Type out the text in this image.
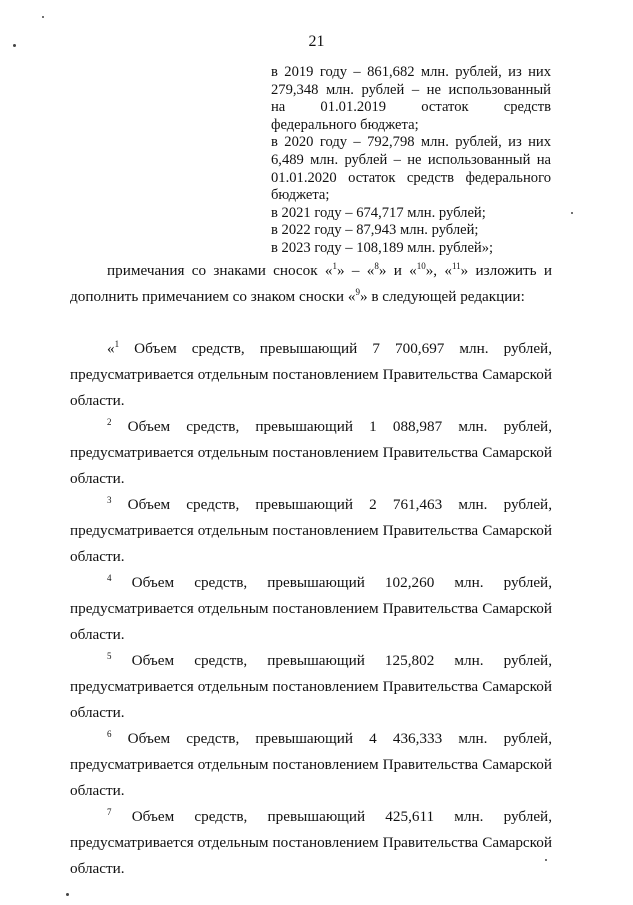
21

в 2019 году – 861,682 млн. рублей, из них

279,348 млн. рублей – не использованный

на 01.01.2019 остаток средств

федерального бюджета;

в 2020 году – 792,798 млн. рублей, из них

6,489 млн. рублей – не использованный на

01.01.2020 остаток средств федерального

бюджета;

в 2021 году – 674,717 млн. рублей;

в 2022 году – 87,943 млн. рублей;

в 2023 году – 108,189 млн. рублей»;

примечания со знаками сносок «$^1$» – «$^8$» и «$^{10}$», «$^{11}$» изложить и дополнить примечанием со знаком сноски «$^9$» в следующей редакции:

«$^1$ Объем средств, превышающий 7 700,697 млн. рублей, предусматривается отдельным постановлением Правительства Самарской области.

$^2$ Объем средств, превышающий 1 088,987 млн. рублей, предусматривается отдельным постановлением Правительства Самарской области.

$^3$ Объем средств, превышающий 2 761,463 млн. рублей, предусматривается отдельным постановлением Правительства Самарской области.

$^4$ Объем средств, превышающий 102,260 млн. рублей, предусматривается отдельным постановлением Правительства Самарской области.

$^5$ Объем средств, превышающий 125,802 млн. рублей, предусматривается отдельным постановлением Правительства Самарской области.

$^6$ Объем средств, превышающий 4 436,333 млн. рублей, предусматривается отдельным постановлением Правительства Самарской области.

$^7$ Объем средств, превышающий 425,611 млн. рублей, предусматривается отдельным постановлением Правительства Самарской области.
